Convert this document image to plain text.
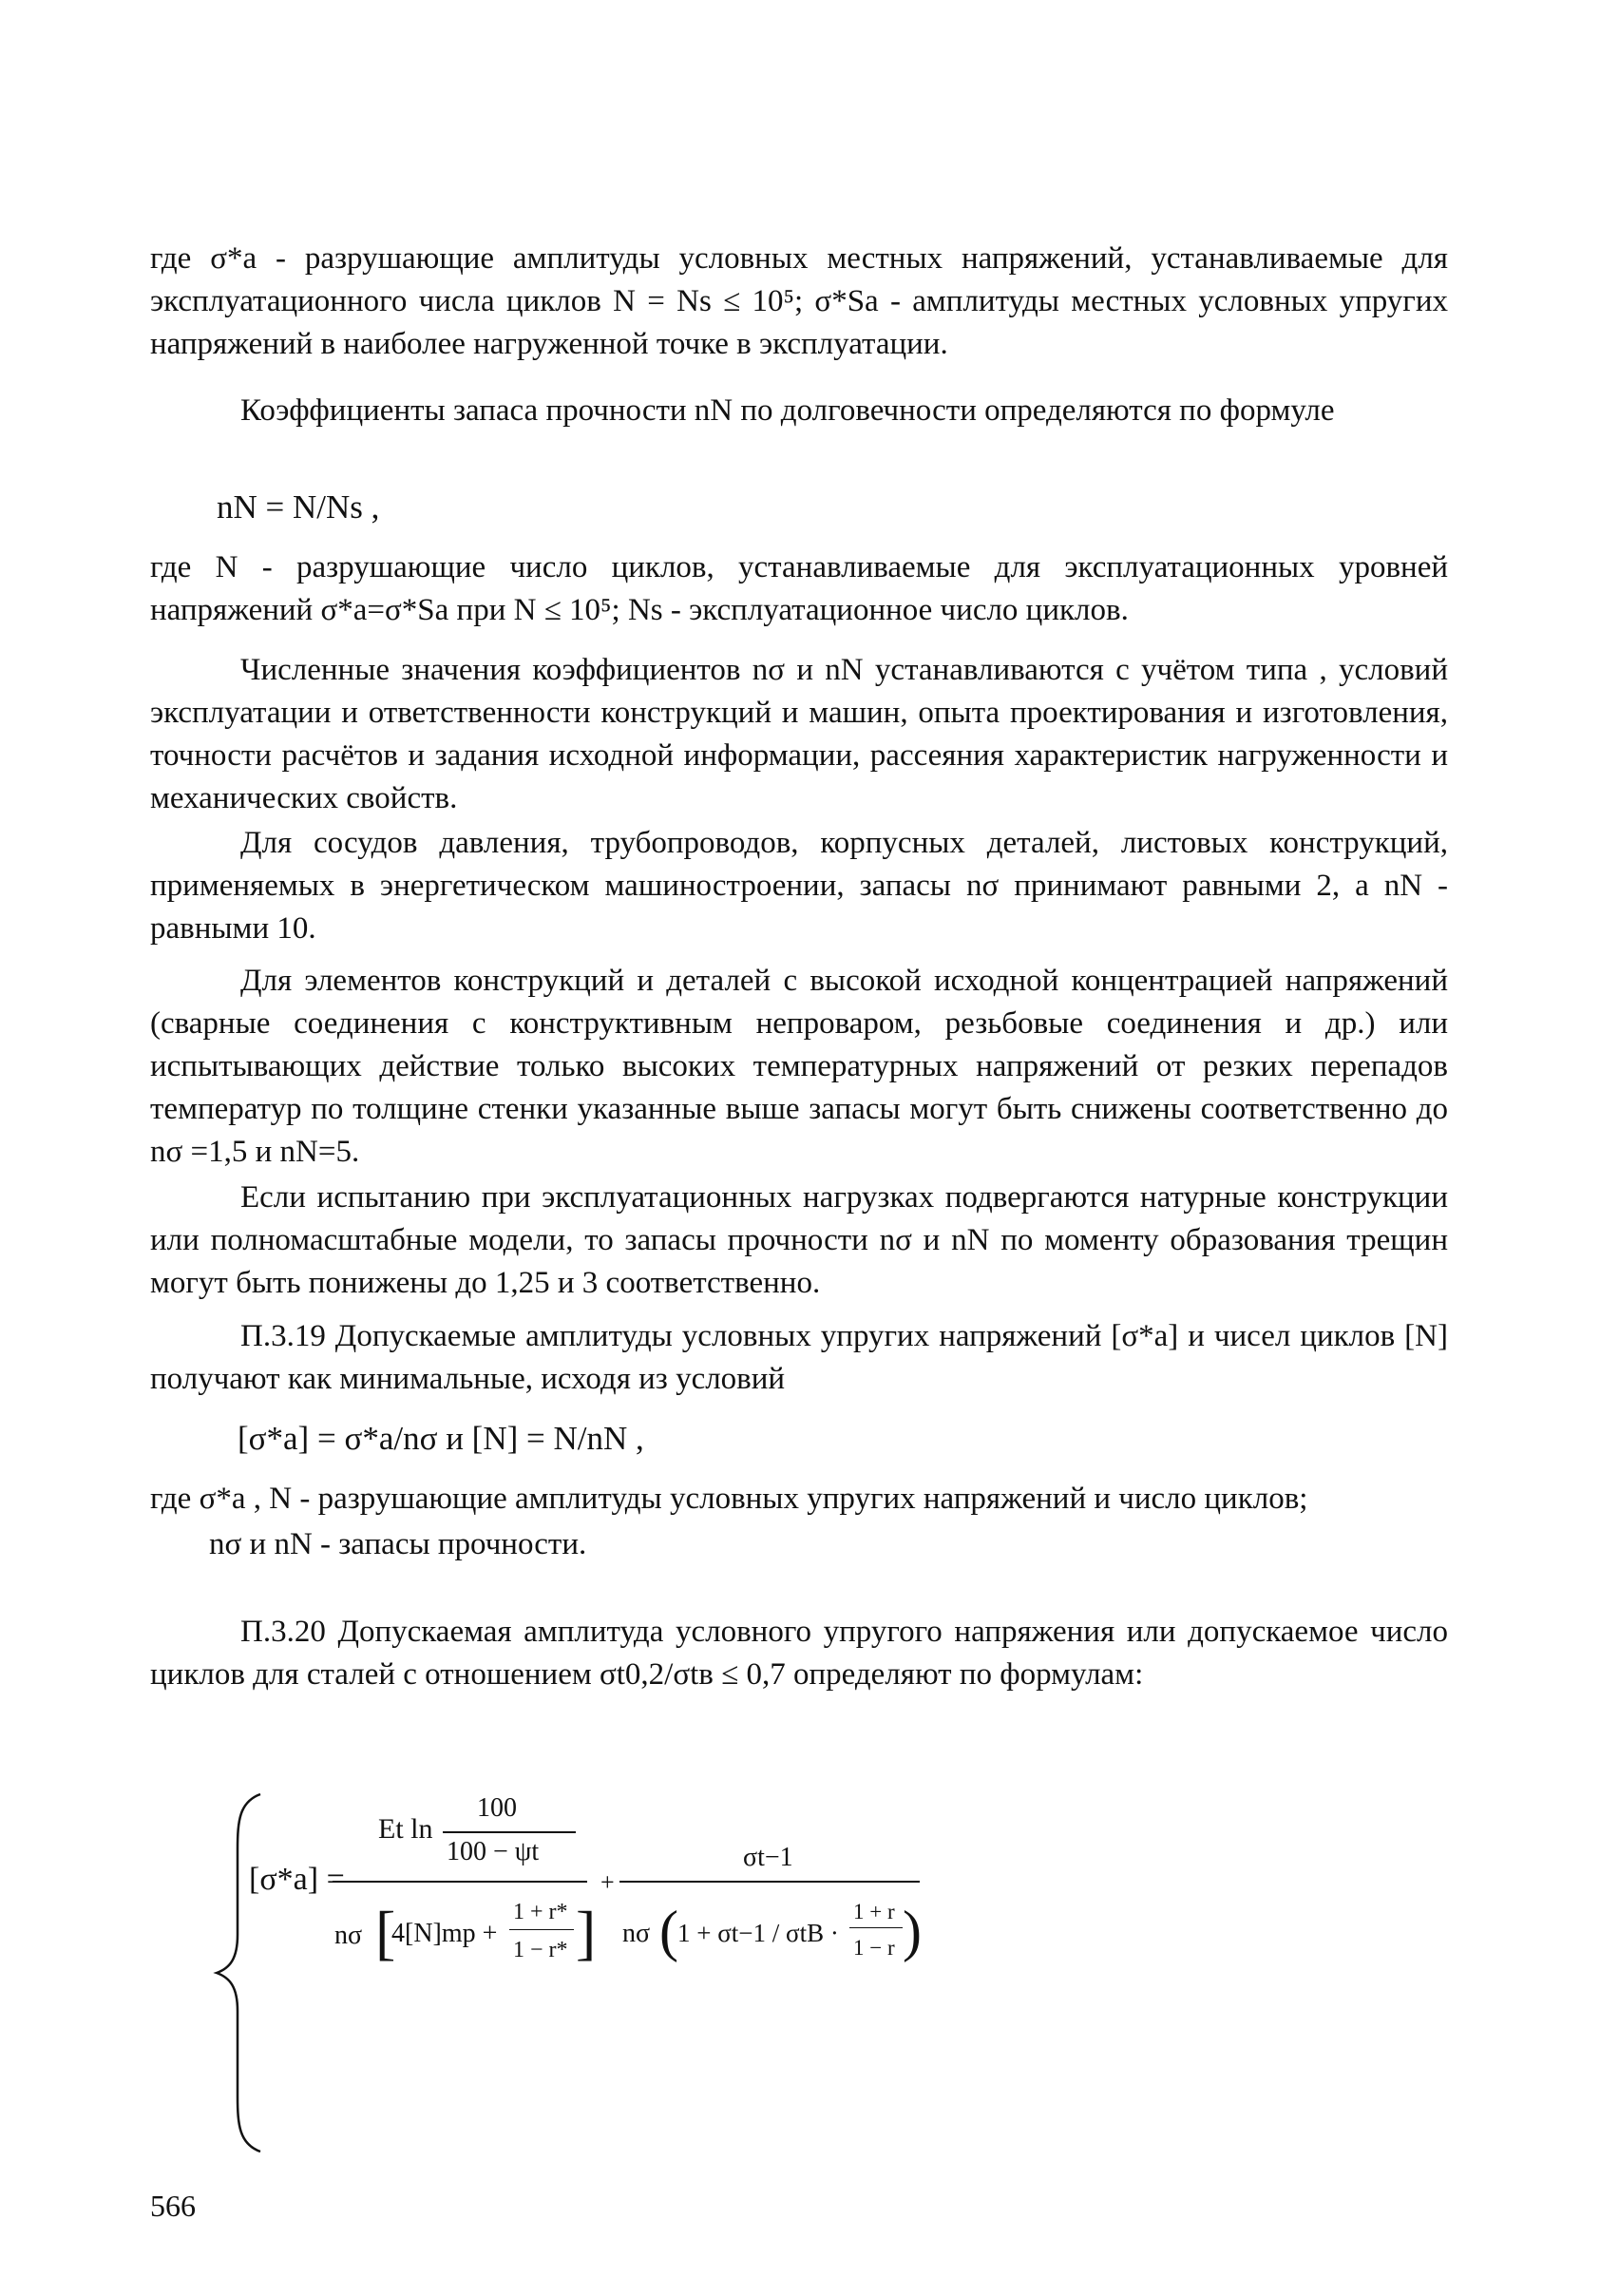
где σ*a - разрушающие амплитуды условных местных напряжений, устанавливаемые для эксплуатационного числа циклов N = Ns ≤ 10⁵; σ*Sa - амплитуды местных условных упругих напряжений в наиболее нагруженной точке в эксплуатации.

Коэффициенты запаса прочности nN по долговечности определяются по формуле

nN = N/Ns ,

где N - разрушающие число циклов, устанавливаемые для эксплуатационных уровней напряжений σ*a=σ*Sa при N ≤ 10⁵; Ns - эксплуатационное число циклов.

Численные значения коэффициентов nσ и nN устанавливаются с учётом типа , условий эксплуатации и ответственности конструкций и машин, опыта проектирования и изготовления, точности расчётов и задания исходной информации, рассеяния характеристик нагруженности и механических свойств.

Для сосудов давления, трубопроводов, корпусных деталей, листовых конструкций, применяемых в энергетическом машиностроении, запасы nσ принимают равными 2, а nN - равными 10.

Для элементов конструкций и деталей с высокой исходной концентрацией напряжений (сварные соединения с конструктивным непроваром, резьбовые соединения и др.) или испытывающих действие только высоких температурных напряжений от резких перепадов температур по толщине стенки указанные выше запасы могут быть снижены соответственно до nσ =1,5 и nN=5.

Если испытанию при эксплуатационных нагрузках подвергаются натурные конструкции или полномасштабные модели, то запасы прочности nσ и nN по моменту образования трещин могут быть понижены до 1,25 и 3 соответственно.

П.3.19 Допускаемые амплитуды условных упругих напряжений [σ*a] и чисел циклов [N] получают как минимальные, исходя из условий

[σ*a] = σ*a/nσ и [N] = N/nN ,

где σ*a , N - разрушающие амплитуды условных упругих напряжений и число циклов;

nσ и nN - запасы прочности.

П.3.20 Допускаемая амплитуда условного упругого напряжения или допускаемое число циклов для сталей с отношением σt0,2/σtв ≤ 0,7 определяют по формулам:

[σ*a] =
Et ln
100
100 − ψt
nσ [
4[N]mp +
1 + r*
1 − r* ]
+
σt−1
nσ ( 1 + σt−1 / σtB ·
1 + r
1 − r )
566
